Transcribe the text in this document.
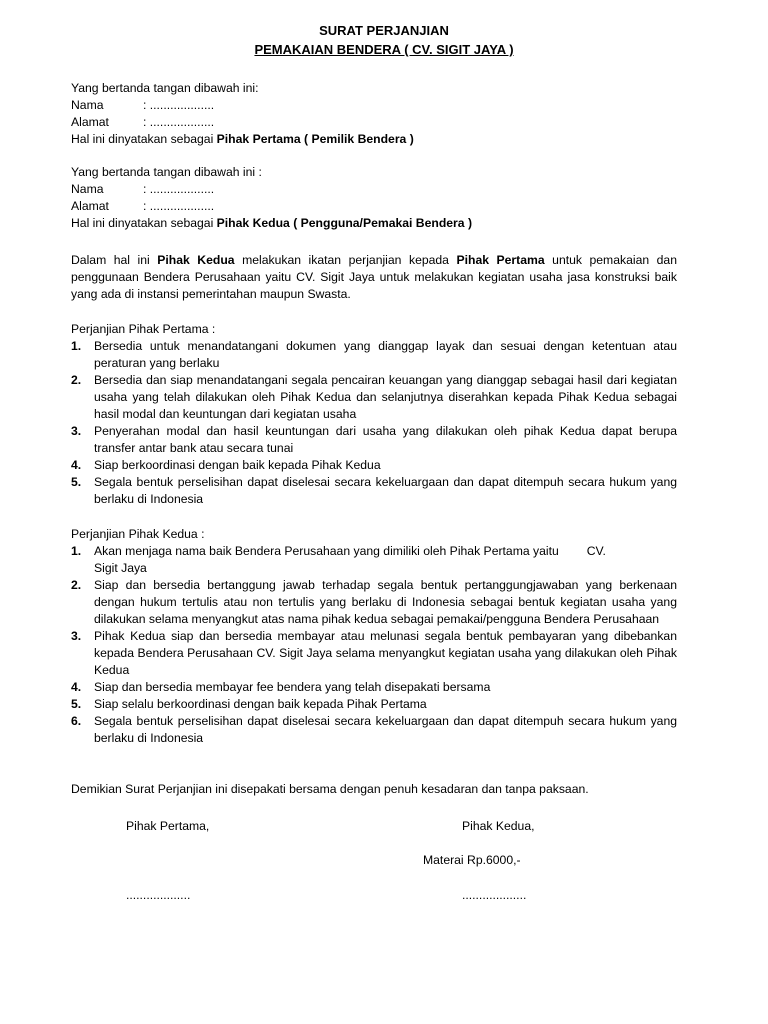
SURAT PERJANJIAN
PEMAKAIAN BENDERA ( CV. SIGIT JAYA )
Yang bertanda tangan dibawah ini:
Nama	: ...................
Alamat	: ...................
Hal ini dinyatakan sebagai Pihak Pertama ( Pemilik Bendera )
Yang bertanda tangan dibawah ini :
Nama	: ...................
Alamat	: ...................
Hal ini dinyatakan sebagai Pihak Kedua ( Pengguna/Pemakai Bendera )
Dalam hal ini Pihak Kedua melakukan ikatan perjanjian kepada Pihak Pertama untuk pemakaian dan penggunaan Bendera Perusahaan yaitu CV. Sigit Jaya untuk melakukan kegiatan usaha jasa konstruksi baik yang ada di instansi pemerintahan maupun Swasta.
Perjanjian Pihak Pertama :
1. Bersedia untuk menandatangani dokumen yang dianggap layak dan sesuai dengan ketentuan atau peraturan yang berlaku
2. Bersedia dan siap menandatangani segala pencairan keuangan yang dianggap sebagai hasil dari kegiatan usaha yang telah dilakukan oleh Pihak Kedua dan selanjutnya diserahkan kepada Pihak Kedua sebagai hasil modal dan keuntungan dari kegiatan usaha
3. Penyerahan modal dan hasil keuntungan dari usaha yang dilakukan oleh pihak Kedua dapat berupa transfer antar bank atau secara tunai
4. Siap berkoordinasi dengan baik kepada Pihak Kedua
5. Segala bentuk perselisihan dapat diselesai secara kekeluargaan dan dapat ditempuh secara hukum yang berlaku di Indonesia
Perjanjian Pihak Kedua :
1. Akan menjaga nama baik Bendera Perusahaan yang dimiliki oleh Pihak Pertama yaitu CV.
Sigit Jaya
2. Siap dan bersedia bertanggung jawab terhadap segala bentuk pertanggungjawaban yang berkenaan dengan hukum tertulis atau non tertulis yang berlaku di Indonesia sebagai bentuk kegiatan usaha yang dilakukan selama menyangkut atas nama pihak kedua sebagai pemakai/pengguna Bendera Perusahaan
3. Pihak Kedua siap dan bersedia membayar atau melunasi segala bentuk pembayaran yang dibebankan kepada Bendera Perusahaan CV. Sigit Jaya selama menyangkut kegiatan usaha yang dilakukan oleh Pihak Kedua
4. Siap dan bersedia membayar fee bendera yang telah disepakati bersama
5. Siap selalu berkoordinasi dengan baik kepada Pihak Pertama
6. Segala bentuk perselisihan dapat diselesai secara kekeluargaan dan dapat ditempuh secara hukum yang berlaku di Indonesia
Demikian Surat Perjanjian ini disepakati bersama dengan penuh kesadaran dan tanpa paksaan.
Pihak Pertama,	Pihak Kedua,
Materai Rp.6000,-
...................	...................
